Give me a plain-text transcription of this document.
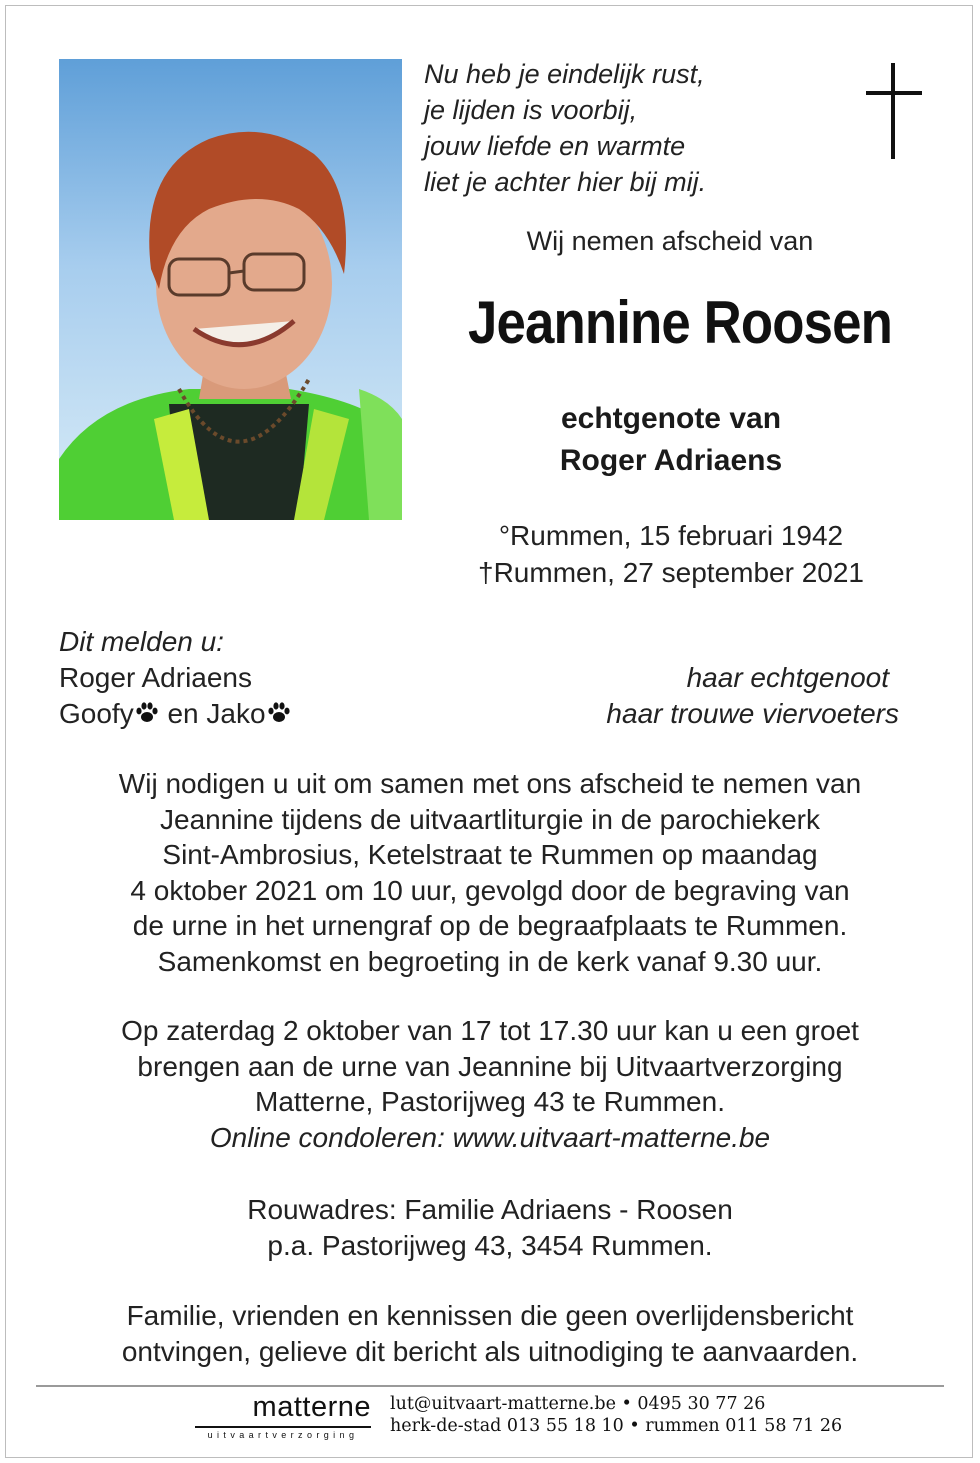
Nu heb je eindelijk rust,
je lijden is voorbij,
jouw liefde en warmte
liet je achter hier bij mij.
Wij nemen afscheid van
Jeannine Roosen
echtgenote van
Roger Adriaens
°Rummen, 15 februari 1942
†Rummen, 27 september 2021
Dit melden u:
Roger Adriaens	haar echtgenoot
Goofy en Jako	haar trouwe viervoeters
Wij nodigen u uit om samen met ons afscheid te nemen van
Jeannine tijdens de uitvaartliturgie in de parochiekerk
Sint-Ambrosius, Ketelstraat te Rummen op maandag
4 oktober 2021 om 10 uur, gevolgd door de begraving van
de urne in het urnengraf op de begraafplaats te Rummen.
Samenkomst en begroeting in de kerk vanaf 9.30 uur.
Op zaterdag 2 oktober van 17 tot 17.30 uur kan u een groet
brengen aan de urne van Jeannine bij Uitvaartverzorging
Matterne, Pastorijweg 43 te Rummen.
Online condoleren: www.uitvaart-matterne.be
Rouwadres: Familie Adriaens - Roosen
p.a. Pastorijweg 43, 3454 Rummen.
Familie, vrienden en kennissen die geen overlijdensbericht
ontvingen, gelieve dit bericht als uitnodiging te aanvaarden.
matterne
uitvaartverzorging
lut@uitvaart-matterne.be • 0495 30 77 26
herk-de-stad 013 55 18 10 • rummen 011 58 71 26
